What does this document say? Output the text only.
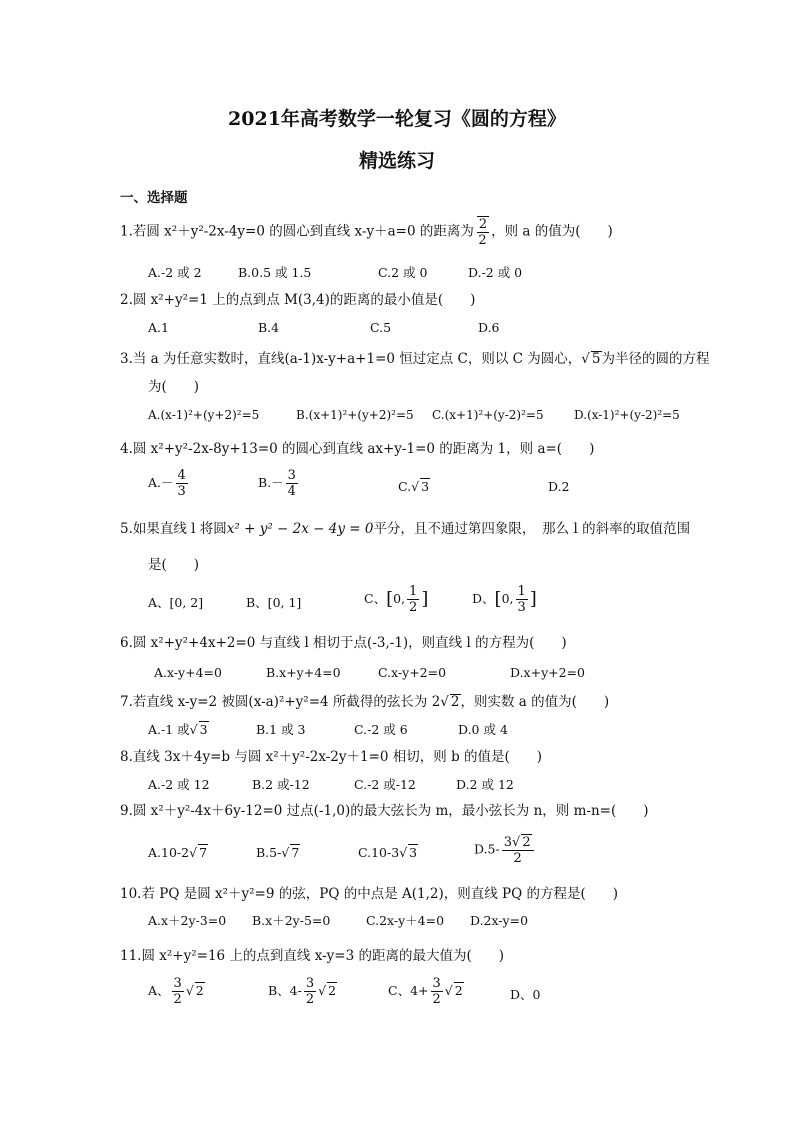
2021年高考数学一轮复习《圆的方程》
精选练习
一、选择题
1.若圆 x²＋y²-2x-4y=0 的圆心到直线 x-y＋a=0 的距离为 $\frac{2}{2}$ ，则 a 的值为(　　)
A.-2 或 2	B.0.5 或 1.5	C.2 或 0	D.-2 或 0
2.圆 x²+y²=1 上的点到点 M(3,4)的距离的最小值是(　　)
A.1	B.4	C.5	D.6
3.当 a 为任意实数时，直线(a-1)x-y+a+1=0 恒过定点 C，则以 C 为圆心，√ 5为半径的圆的方程
为(　　)
A.(x-1)²+(y+2)²=5	B.(x+1)²+(y+2)²=5 C.(x+1)²+(y-2)²=5	D.(x-1)²+(y-2)²=5
4.圆 x²+y²-2x-8y+13=0 的圆心到直线 ax+y-1=0 的距离为 1，则 a=(　　)
$A.- \frac{4}{3}$	$B.- \frac{3}{4}$	C.√ 3	D.2
5.如果直线 l 将圆x² + y² − 2x − 4y = 0平分，且不通过第四象限，　那么 l 的斜率的取值范围
是(　　)
A、[0, 2]	B、[0, 1]	C、[0, $\frac{1}{2}$ ]	D、[0, $\frac{1}{3}$ ]
6.圆 x²+y²+4x+2=0 与直线 l 相切于点(-3,-1)，则直线 l 的方程为(　　)
A.x-y+4=0	B.x+y+4=0	C.x-y+2=0	D.x+y+2=0
7.若直线 x-y=2 被圆(x-a)²+y²=4 所截得的弦长为 2√ 2，则实数 a 的值为(　　)
A.-1 或√ 3	B.1 或 3	C.-2 或 6	D.0 或 4
8.直线 3x＋4y=b 与圆 x²＋y²-2x-2y＋1=0 相切，则 b 的值是(　　)
A.-2 或 12	B.2 或-12	C.-2 或-12	D.2 或 12
9.圆 x²＋y²-4x＋6y-12=0 过点(-1,0)的最大弦长为 m，最小弦长为 n，则 m-n=(　　)
A.10-2√ 7	B.5-√ 7	C.10-3√ 3	$D.5- \frac{3√ 2}{2}$
10.若 PQ 是圆 x²＋y²=9 的弦，PQ 的中点是 A(1,2)，则直线 PQ 的方程是(　　)
A.x＋2y-3=0 B.x＋2y-5=0	C.2x-y＋4=0 D.2x-y=0
11.圆 x²+y²=16 上的点到直线 x-y=3 的距离的最大值为(　　)
A、 $\frac{3}{2}$ √ 2	B、$4- \frac{3}{2}$ √ 2	C、$4+ \frac{3}{2}$ √ 2	D、0
